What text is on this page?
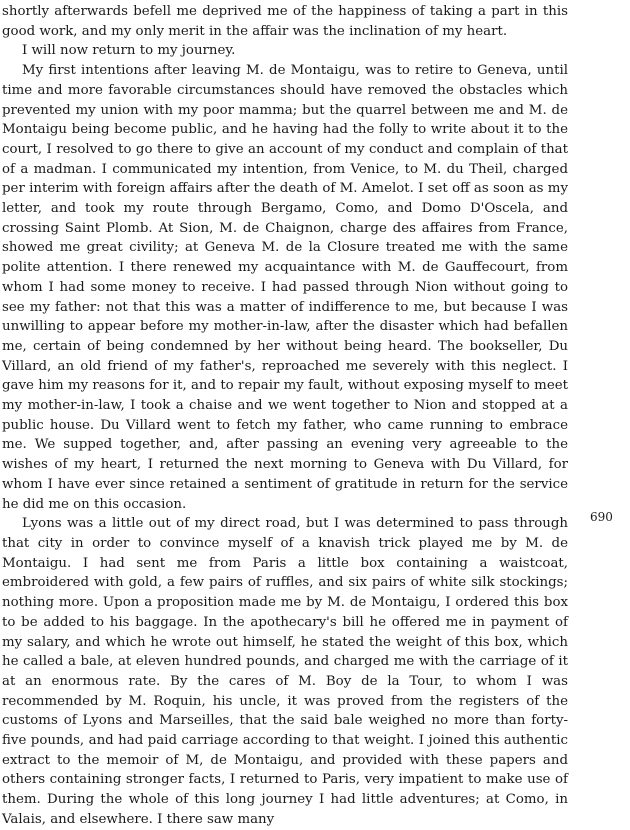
shortly afterwards befell me deprived me of the happiness of taking a part in this good work, and my only merit in the affair was the inclination of my heart.

I will now return to my journey.

My first intentions after leaving M. de Montaigu, was to retire to Geneva, until time and more favorable circumstances should have removed the obstacles which prevented my union with my poor mamma; but the quarrel between me and M. de Montaigu being become public, and he having had the folly to write about it to the court, I resolved to go there to give an account of my conduct and complain of that of a madman. I communicated my intention, from Venice, to M. du Theil, charged per interim with foreign affairs after the death of M. Amelot. I set off as soon as my letter, and took my route through Bergamo, Como, and Domo D'Oscela, and crossing Saint Plomb. At Sion, M. de Chaignon, charge des affaires from France, showed me great civility; at Geneva M. de la Closure treated me with the same polite attention. I there renewed my acquaintance with M. de Gauffecourt, from whom I had some money to receive. I had passed through Nion without going to see my father: not that this was a matter of indifference to me, but because I was unwilling to appear before my mother-in-law, after the disaster which had befallen me, certain of being condemned by her without being heard. The bookseller, Du Villard, an old friend of my father's, reproached me severely with this neglect. I gave him my reasons for it, and to repair my fault, without exposing myself to meet my mother-in-law, I took a chaise and we went together to Nion and stopped at a public house. Du Villard went to fetch my father, who came running to embrace me. We supped together, and, after passing an evening very agreeable to the wishes of my heart, I returned the next morning to Geneva with Du Villard, for whom I have ever since retained a sentiment of gratitude in return for the service he did me on this occasion.

Lyons was a little out of my direct road, but I was determined to pass through that city in order to convince myself of a knavish trick played me by M. de Montaigu. I had sent me from Paris a little box containing a waistcoat, embroidered with gold, a few pairs of ruffles, and six pairs of white silk stockings; nothing more. Upon a proposition made me by M. de Montaigu, I ordered this box to be added to his baggage. In the apothecary's bill he offered me in payment of my salary, and which he wrote out himself, he stated the weight of this box, which he called a bale, at eleven hundred pounds, and charged me with the carriage of it at an enormous rate. By the cares of M. Boy de la Tour, to whom I was recommended by M. Roquin, his uncle, it was proved from the registers of the customs of Lyons and Marseilles, that the said bale weighed no more than forty-five pounds, and had paid carriage according to that weight. I joined this authentic extract to the memoir of M, de Montaigu, and provided with these papers and others containing stronger facts, I returned to Paris, very impatient to make use of them. During the whole of this long journey I had little adventures; at Como, in Valais, and elsewhere. I there saw many

690
